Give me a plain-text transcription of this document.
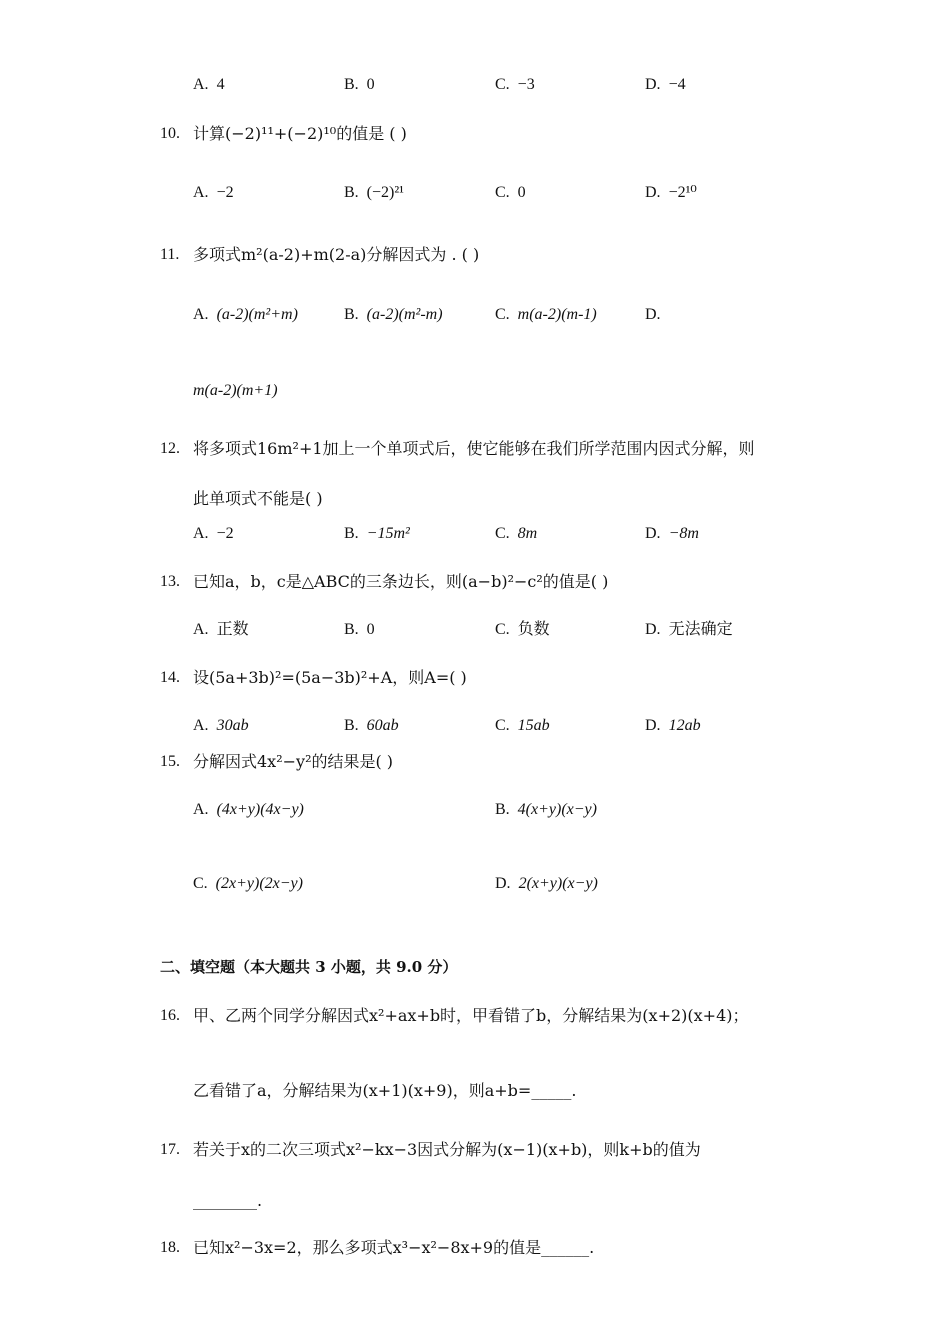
A. 4	B. 0	C. −3	D. −4
10. 计算(−2)¹¹+(−2)¹⁰的值是 ( )
A. −2	B. (−2)²¹	C. 0	D. −2¹⁰
11. 多项式m²(a-2)+m(2-a)分解因式为 . ( )
A. (a-2)(m²+m)	B. (a-2)(m²-m)	C. m(a-2)(m-1)	D.
m(a-2)(m+1)
12. 将多项式16m²+1加上一个单项式后，使它能够在我们所学范围内因式分解，则
此单项式不能是( )
A. −2	B. −15m²	C. 8m	D. −8m
13. 已知a，b，c是△ABC的三条边长，则(a−b)²−c²的值是( )
A. 正数	B. 0	C. 负数	D. 无法确定
14. 设(5a+3b)²=(5a−3b)²+A，则A=( )
A. 30ab	B. 60ab	C. 15ab	D. 12ab
15. 分解因式4x²−y²的结果是( )
A. (4x+y)(4x−y)	B. 4(x+y)(x−y)
C. (2x+y)(2x−y)	D. 2(x+y)(x−y)
二、填空题（本大题共 3 小题，共 9.0 分）
16. 甲、乙两个同学分解因式x²+ax+b时，甲看错了b，分解结果为(x+2)(x+4)；
乙看错了a，分解结果为(x+1)(x+9)，则a+b=_____.
17. 若关于x的二次三项式x²−kx−3因式分解为(x−1)(x+b)，则k+b的值为
________.
18. 已知x²−3x=2，那么多项式x³−x²−8x+9的值是______.
